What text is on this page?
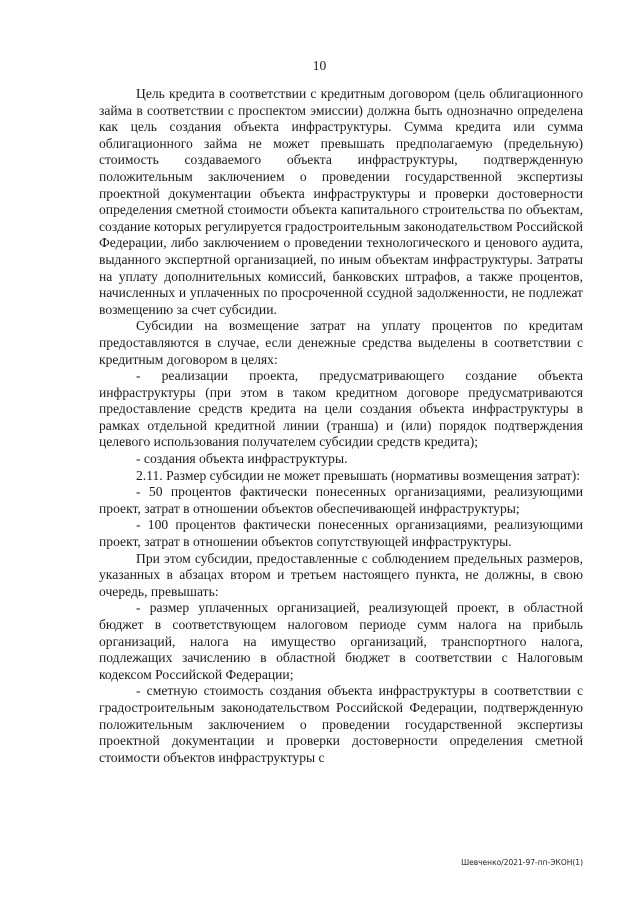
10

Цель кредита в соответствии с кредитным договором (цель облигационного займа в соответствии с проспектом эмиссии) должна быть однозначно определена как цель создания объекта инфраструктуры. Сумма кредита или сумма облигационного займа не может превышать предполагаемую (предельную) стоимость создаваемого объекта инфраструктуры, подтвержденную положительным заключением о проведении государственной экспертизы проектной документации объекта инфраструктуры и проверки достоверности определения сметной стоимости объекта капитального строительства по объектам, создание которых регулируется градостроительным законодательством Российской Федерации, либо заключением о проведении технологического и ценового аудита, выданного экспертной организацией, по иным объектам инфраструктуры. Затраты на уплату дополнительных комиссий, банковских штрафов, а также процентов, начисленных и уплаченных по просроченной ссудной задолженности, не подлежат возмещению за счет субсидии.

Субсидии на возмещение затрат на уплату процентов по кредитам предоставляются в случае, если денежные средства выделены в соответствии с кредитным договором в целях:

- реализации проекта, предусматривающего создание объекта инфраструктуры (при этом в таком кредитном договоре предусматриваются предоставление средств кредита на цели создания объекта инфраструктуры в рамках отдельной кредитной линии (транша) и (или) порядок подтверждения целевого использования получателем субсидии средств кредита);

- создания объекта инфраструктуры.

2.11. Размер субсидии не может превышать (нормативы возмещения затрат):

- 50 процентов фактически понесенных организациями, реализующими проект, затрат в отношении объектов обеспечивающей инфраструктуры;

- 100 процентов фактически понесенных организациями, реализующими проект, затрат в отношении объектов сопутствующей инфраструктуры.

При этом субсидии, предоставленные с соблюдением предельных размеров, указанных в абзацах втором и третьем настоящего пункта, не должны, в свою очередь, превышать:

- размер уплаченных организацией, реализующей проект, в областной бюджет в соответствующем налоговом периоде сумм налога на прибыль организаций, налога на имущество организаций, транспортного налога, подлежащих зачислению в областной бюджет в соответствии с Налоговым кодексом Российской Федерации;

- сметную стоимость создания объекта инфраструктуры в соответствии с градостроительным законодательством Российской Федерации, подтвержденную положительным заключением о проведении государственной экспертизы проектной документации и проверки достоверности определения сметной стоимости объектов инфраструктуры с

Шевченко/2021-97-пп-ЭКОН(1)
